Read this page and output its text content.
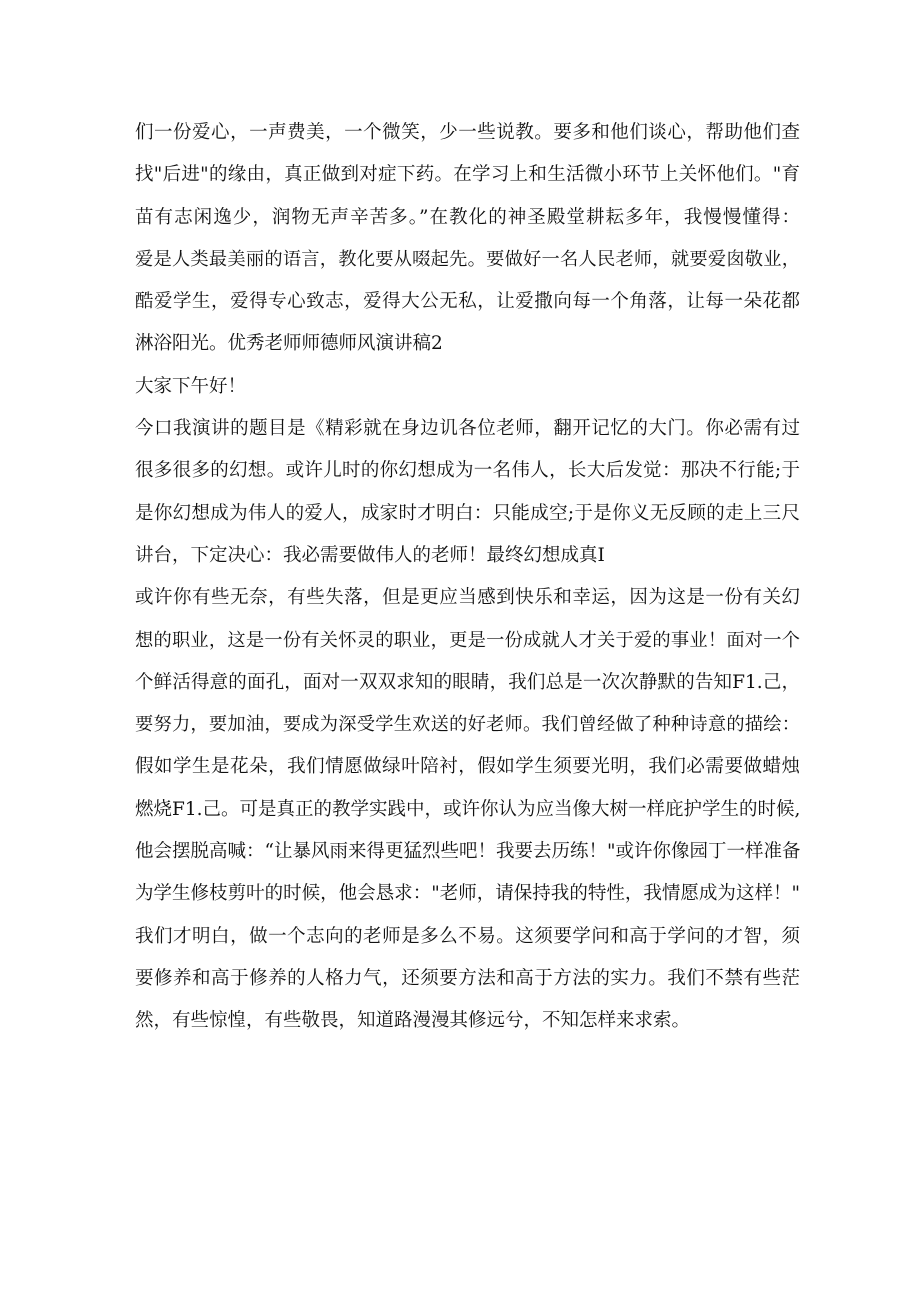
们一份爱心，一声费美，一个微笑，少一些说教。要多和他们谈心，帮助他们查
找"后进"的缘由，真正做到对症下药。在学习上和生活微小环节上关怀他们。"育
苗有志闲逸少，润物无声辛苦多。”在教化的神圣殿堂耕耘多年，我慢慢懂得：
爱是人类最美丽的语言，教化要从啜起先。要做好一名人民老师，就要爱囱敬业，
酷爱学生，爱得专心致志，爱得大公无私，让爱撒向每一个角落，让每一朵花都
淋浴阳光。优秀老师师德师风演讲稿2
大家下午好！
今口我演讲的题目是《精彩就在身边讥各位老师，翻开记忆的大门。你必需有过
很多很多的幻想。或许儿时的你幻想成为一名伟人，长大后发觉：那决不行能;于
是你幻想成为伟人的爱人，成家时才明白：只能成空;于是你义无反顾的走上三尺
讲台，下定决心：我必需要做伟人的老师！最终幻想成真I
或许你有些无奈，有些失落，但是更应当感到快乐和幸运，因为这是一份有关幻
想的职业，这是一份有关怀灵的职业，更是一份成就人才关于爱的事业！面对一个
个鲜活得意的面孔，面对一双双求知的眼睛，我们总是一次次静默的告知F1.己，
要努力，要加油，要成为深受学生欢送的好老师。我们曾经做了种种诗意的描绘：
假如学生是花朵，我们情愿做绿叶陪衬，假如学生须要光明，我们必需要做蜡烛
燃烧F1.己。可是真正的教学实践中，或许你认为应当像大树一样庇护学生的时候,
他会摆脱高喊：“让暴风雨来得更猛烈些吧！我要去历练！"或许你像园丁一样准备
为学生修枝剪叶的时候，他会恳求："老师，请保持我的特性，我情愿成为这样！"
我们才明白，做一个志向的老师是多么不易。这须要学问和高于学问的才智，须
要修养和高于修养的人格力气，还须要方法和高于方法的实力。我们不禁有些茫
然，有些惊惶，有些敬畏，知道路漫漫其修远兮，不知怎样来求索。
